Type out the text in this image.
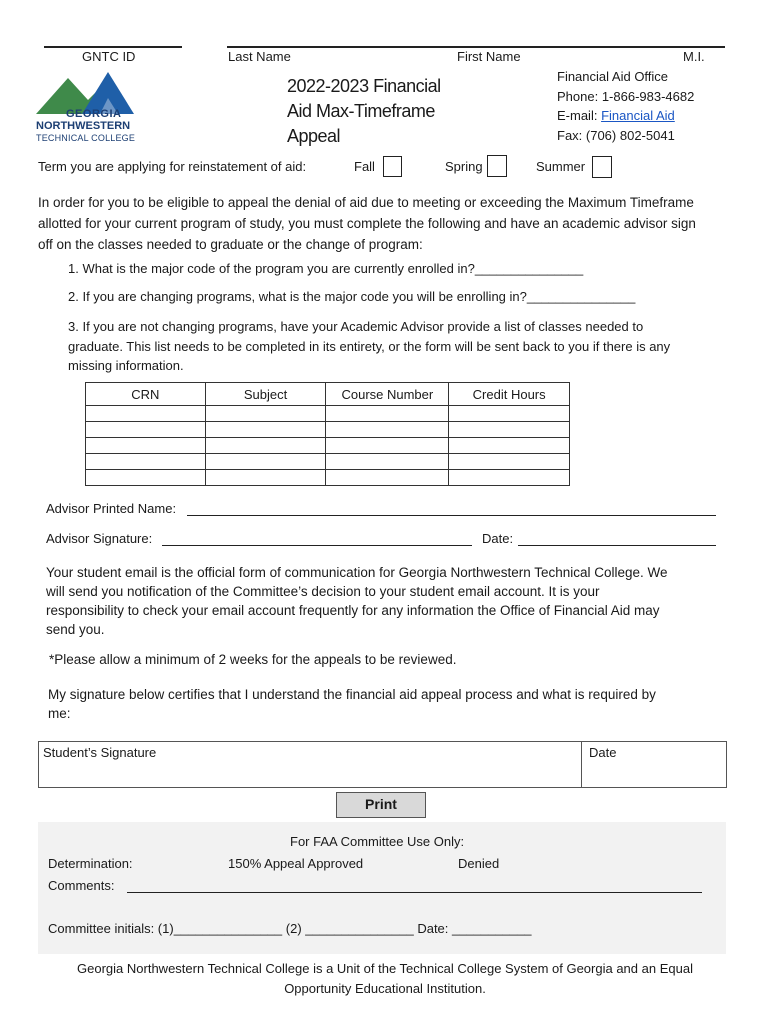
GNTC ID	Last Name	First Name	M.I.
GEORGIA
NORTHWESTERN
TECHNICAL COLLEGE
2022-2023 Financial
Aid Max-Timeframe
Appeal
Financial Aid Office
Phone: 1-866-983-4682
E-mail: Financial Aid
Fax: (706) 802-5041
Term you are applying for reinstatement of aid:	Fall	Spring	Summer
In order for you to be eligible to appeal the denial of aid due to meeting or exceeding the Maximum Timeframe
allotted for your current program of study, you must complete the following and have an academic advisor sign
off on the classes needed to graduate or the change of program:
1. What is the major code of the program you are currently enrolled in?_______________
2. If you are changing programs, what is the major code you will be enrolling in?_______________
3. If you are not changing programs, have your Academic Advisor provide a list of classes needed to
graduate. This list needs to be completed in its entirety, or the form will be sent back to you if there is any
missing information.
CRN	Subject	Course Number	Credit Hours

Advisor Printed Name:
Advisor Signature:	Date:
Your student email is the official form of communication for Georgia Northwestern Technical College. We
will send you notification of the Committee’s decision to your student email account. It is your
responsibility to check your email account frequently for any information the Office of Financial Aid may
send you.
*Please allow a minimum of 2 weeks for the appeals to be reviewed.
My signature below certifies that I understand the financial aid appeal process and what is required by
me:
Student’s Signature	Date
Print
For FAA Committee Use Only:
Determination:	150% Appeal Approved	Denied
Comments:
Committee initials: (1)_______________ (2) _______________ Date: ___________
Georgia Northwestern Technical College is a Unit of the Technical College System of Georgia and an Equal
Opportunity Educational Institution.
